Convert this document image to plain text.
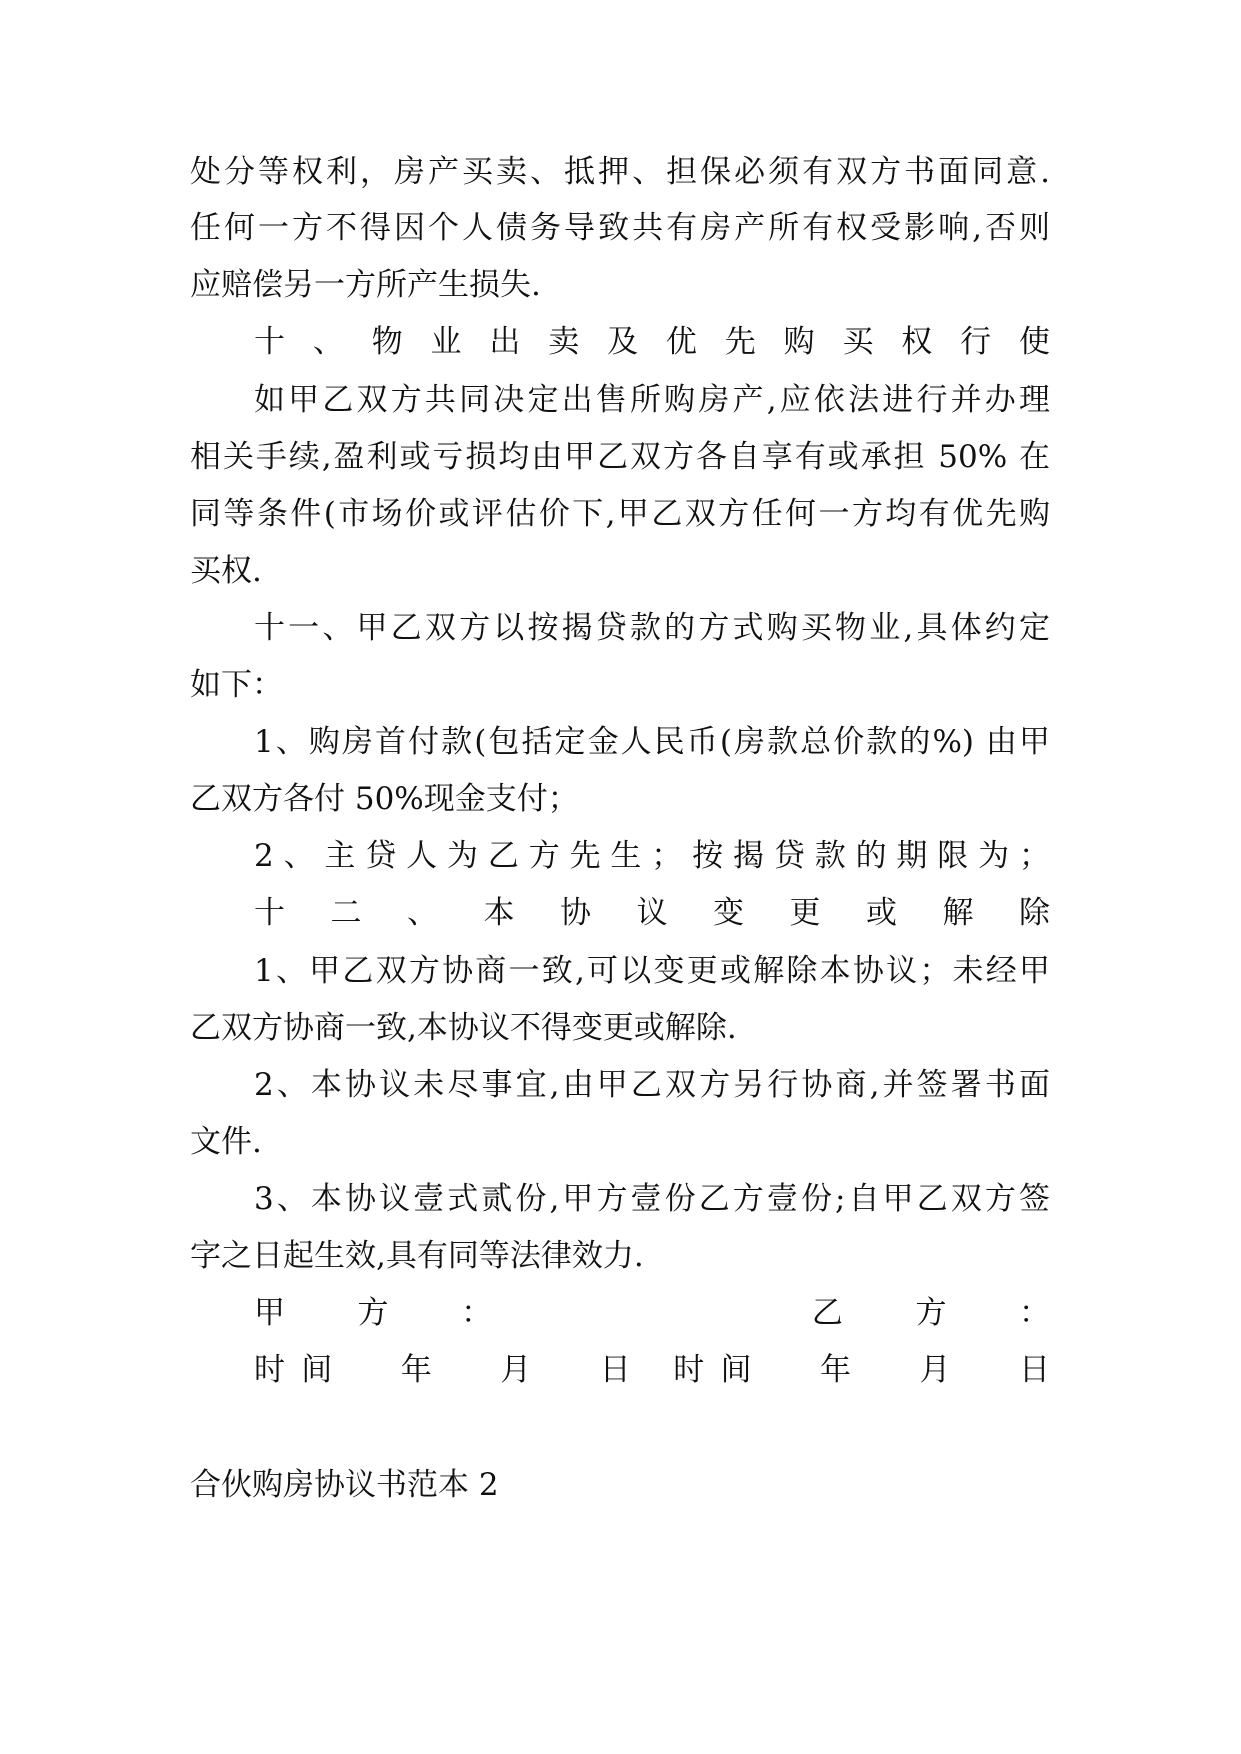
处分等权利，房产买卖、抵押、担保必须有双方书面同意.

任何一方不得因个人债务导致共有房产所有权受影响,否则

应赔偿另一方所产生损失.

十、物业出卖及优先购买权行使

如甲乙双方共同决定出售所购房产,应依法进行并办理

相关手续,盈利或亏损均由甲乙双方各自享有或承担 50% 在

同等条件(市场价或评估价下,甲乙双方任何一方均有优先购

买权.

十一、甲乙双方以按揭贷款的方式购买物业,具体约定

如下：

1、购房首付款(包括定金人民币(房款总价款的%) 由甲

乙双方各付 50%现金支付；

2、主贷人为乙方先生；按揭贷款的期限为；

十二、本协议变更或解除

1、甲乙双方协商一致,可以变更或解除本协议；未经甲

乙双方协商一致,本协议不得变更或解除.

2、本协议未尽事宜,由甲乙双方另行协商,并签署书面

文件.

3、本协议壹式贰份,甲方壹份乙方壹份;自甲乙双方签

字之日起生效,具有同等法律效力.

甲方：   乙方：

时间  年  月  日 时间  年  月  日

合伙购房协议书范本 2
